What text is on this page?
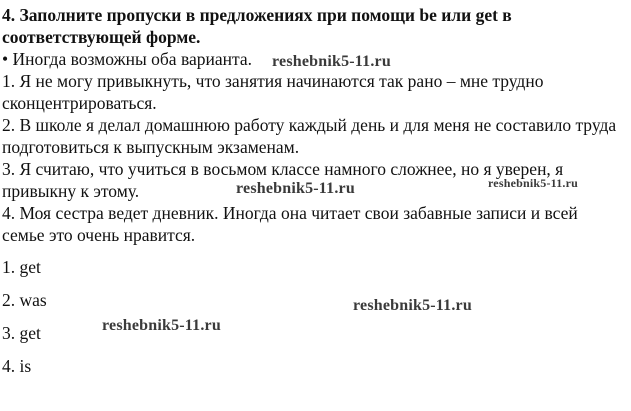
4. Заполните пропуски в предложениях при помощи be или get в соответствующей форме.
• Иногда возможны оба варианта.
1. Я не могу привыкнуть, что занятия начинаются так рано – мне трудно сконцентрироваться.
2. В школе я делал домашнюю работу каждый день и для меня не составило труда подготовиться к выпускным экзаменам.
3. Я считаю, что учиться в восьмом классе намного сложнее, но я уверен, я привыкну к этому.
4. Моя сестра ведет дневник. Иногда она читает свои забавные записи и всей семье это очень нравится.
1. get
2. was
3. get
4. is
reshebnik5-11.ru
reshebnik5-11.ru	reshebnik5-11.ru
reshebnik5-11.ru
reshebnik5-11.ru
